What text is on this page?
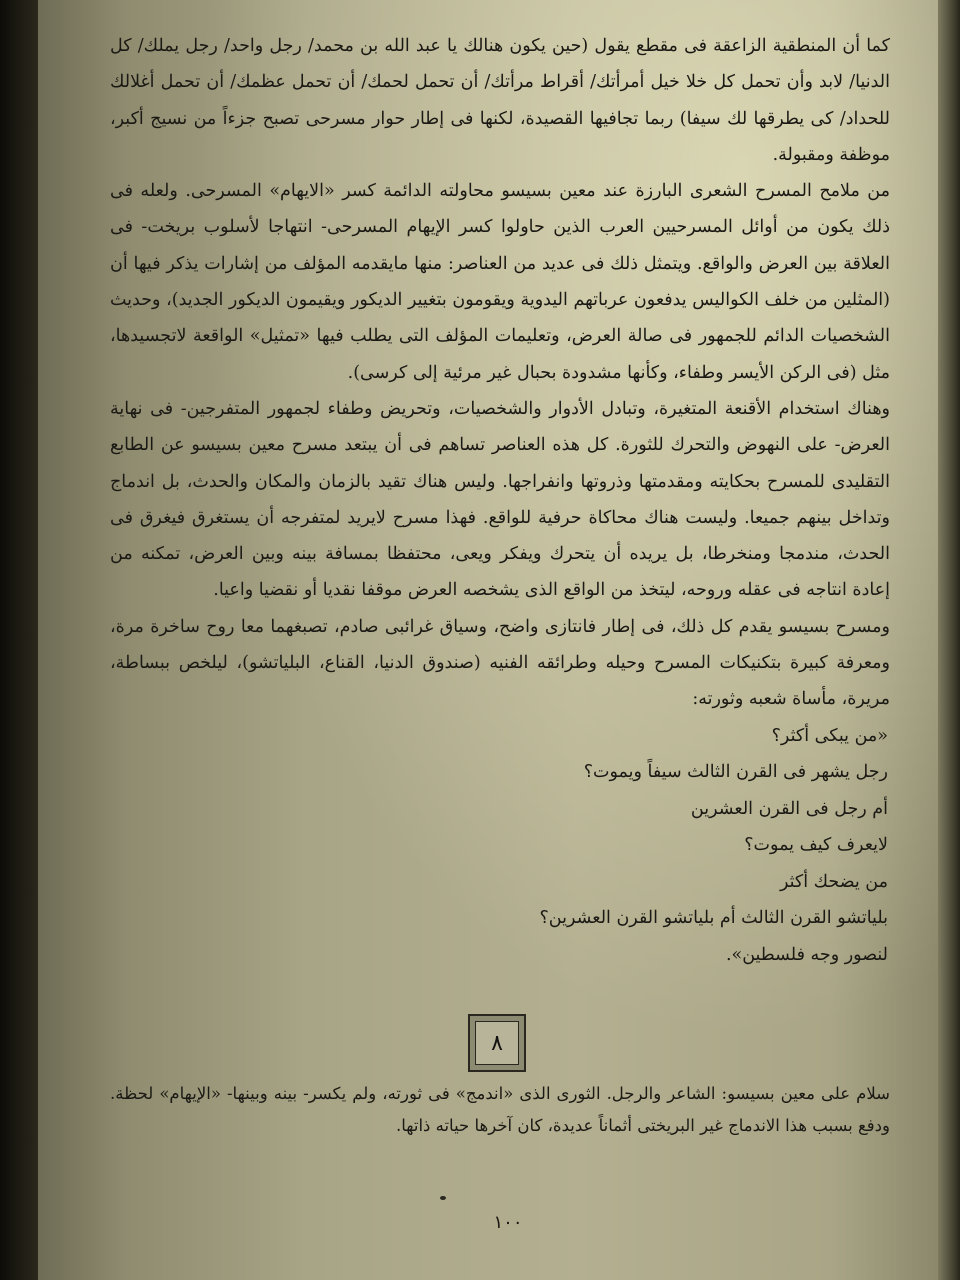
كما أن المنطقية الزاعقة فى مقطع يقول (حين يكون هنالك يا عبد الله بن محمد/ رجل واحد/ رجل يملك/ كل الدنيا/ لابد وأن تحمل كل خلا خيل أمرأتك/ أقراط مرأتك/ أن تحمل لحمك/ أن تحمل عظمك/ أن تحمل أغلالك للحداد/ كى يطرقها لك سيفا) ربما تجافيها القصيدة، لكنها فى إطار حوار مسرحى تصبح جزءاً من نسيج أكبر، موظفة ومقبولة.

من ملامح المسرح الشعرى البارزة عند معين بسيسو محاولته الدائمة كسر «الايهام» المسرحى. ولعله فى ذلك يكون من أوائل المسرحيين العرب الذين حاولوا كسر الإيهام المسرحى- انتهاجا لأسلوب بريخت- فى العلاقة بين العرض والواقع. ويتمثل ذلك فى عديد من العناصر: منها مايقدمه المؤلف من إشارات يذكر فيها أن (المثلين من خلف الكواليس يدفعون عرباتهم اليدوية ويقومون بتغيير الديكور ويقيمون الديكور الجديد)، وحديث الشخصيات الدائم للجمهور فى صالة العرض، وتعليمات المؤلف التى يطلب فيها «تمثيل» الواقعة لاتجسيدها، مثل (فى الركن الأيسر وطفاء، وكأنها مشدودة بحبال غير مرئية إلى كرسى).

وهناك استخدام الأقنعة المتغيرة، وتبادل الأدوار والشخصيات، وتحريض وطفاء لجمهور المتفرجين- فى نهاية العرض- على النهوض والتحرك للثورة. كل هذه العناصر تساهم فى أن يبتعد مسرح معين بسيسو عن الطابع التقليدى للمسرح بحكايته ومقدمتها وذروتها وانفراجها. وليس هناك تقيد بالزمان والمكان والحدث، بل اندماج وتداخل بينهم جميعا. وليست هناك محاكاة حرفية للواقع. فهذا مسرح لايريد لمتفرجه أن يستغرق فيغرق فى الحدث، مندمجا ومنخرطا، بل يريده أن يتحرك ويفكر ويعى، محتفظا بمسافة بينه وبين العرض، تمكنه من إعادة انتاجه فى عقله وروحه، ليتخذ من الواقع الذى يشخصه العرض موقفا نقديا أو نقضيا واعيا.

ومسرح بسيسو يقدم كل ذلك، فى إطار فانتازى واضح، وسياق غرائبى صادم، تصبغهما معا روح ساخرة مرة، ومعرفة كبيرة بتكنيكات المسرح وحيله وطرائقه الفنيه (صندوق الدنيا، القناع، البلياتشو)، ليلخص ببساطة، مريرة، مأساة شعبه وثورته:

«من يبكى أكثر؟
رجل يشهر فى القرن الثالث سيفاً ويموت؟
أم رجل فى القرن العشرين
لايعرف كيف يموت؟
من يضحك أكثر
بلياتشو القرن الثالث أم بلياتشو القرن العشرين؟
لنصور وجه فلسطين».
٨
سلام على معين بسيسو: الشاعر والرجل. الثورى الذى «اندمج» فى ثورته، ولم يكسر- بينه وبينها- «الإيهام» لحظة. ودفع بسبب هذا الاندماج غير البريختى أثماناً عديدة، كان آخرها حياته ذاتها.
١٠٠
